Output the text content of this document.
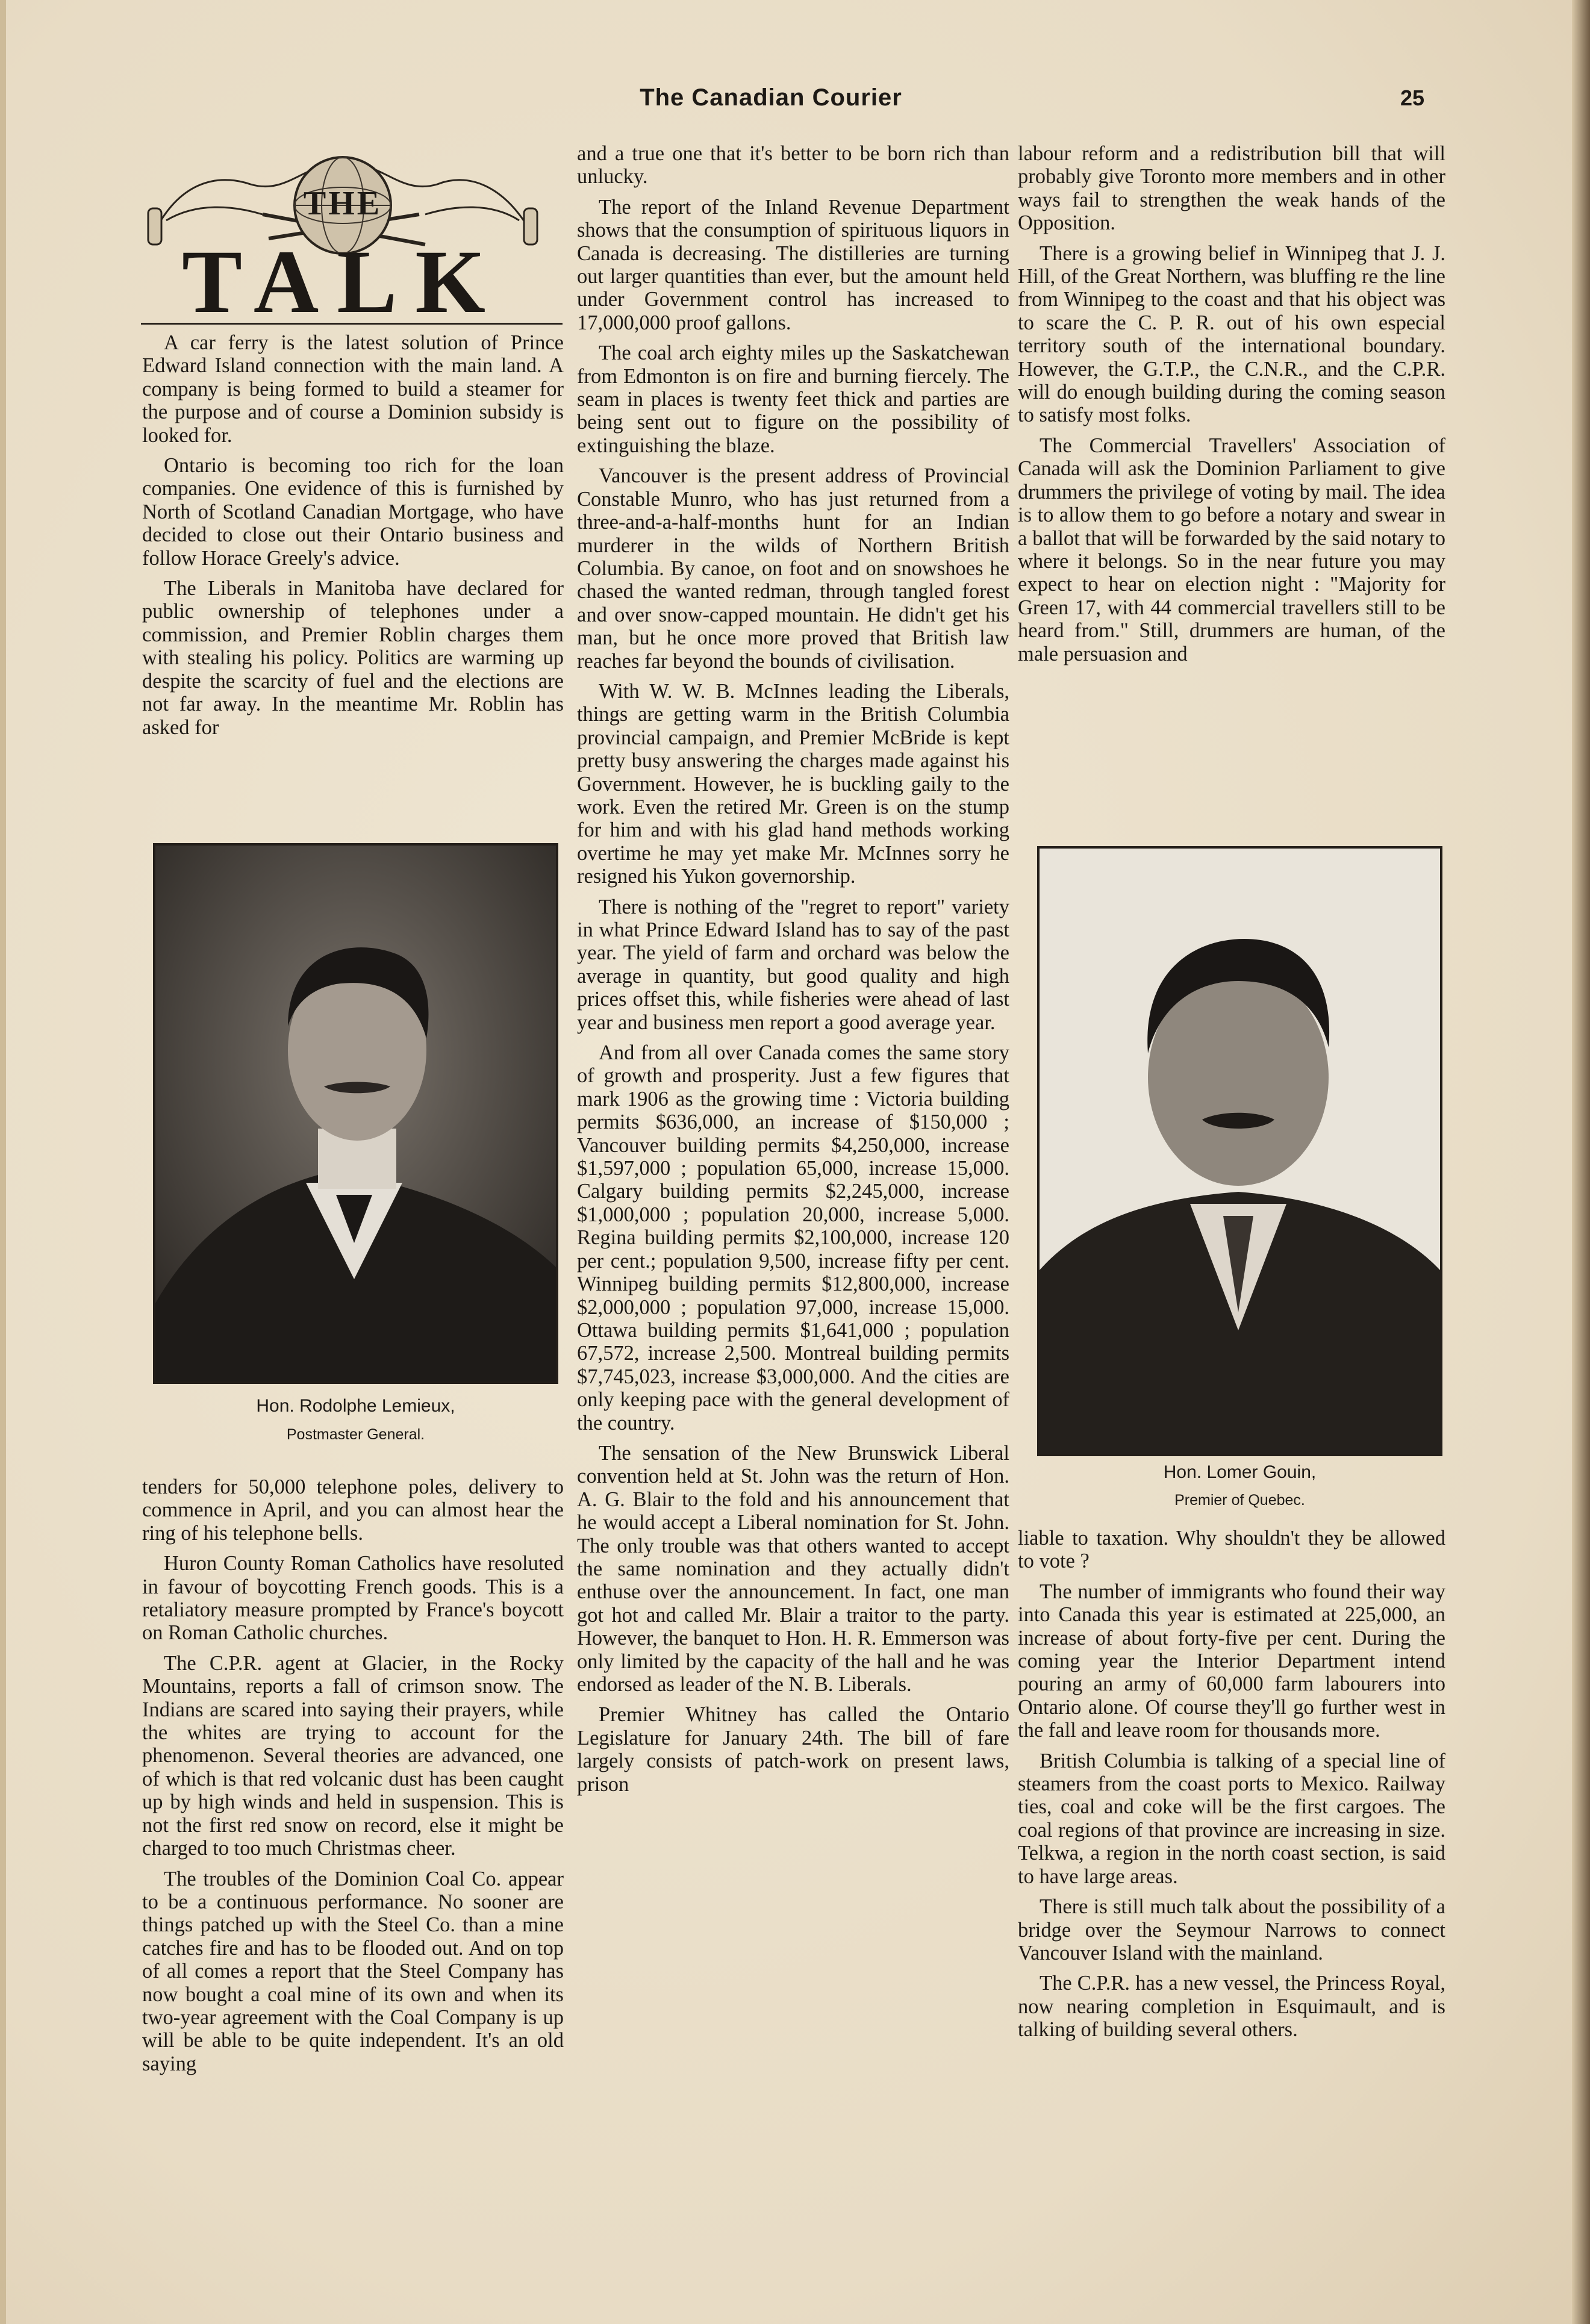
The Canadian Courier	25
THE
TALK

A car ferry is the latest solution of Prince Edward Island connection with the main land. A company is being formed to build a steamer for the purpose and of course a Dominion subsidy is looked for.

Ontario is becoming too rich for the loan companies. One evidence of this is furnished by North of Scotland Canadian Mortgage, who have decided to close out their Ontario business and follow Horace Greely's advice.

The Liberals in Manitoba have declared for public ownership of telephones under a commission, and Premier Roblin charges them with stealing his policy. Politics are warming up despite the scarcity of fuel and the elections are not far away. In the meantime Mr. Roblin has asked for

Hon. Rodolphe Lemieux,
Postmaster General.

tenders for 50,000 telephone poles, delivery to commence in April, and you can almost hear the ring of his telephone bells.

Huron County Roman Catholics have resoluted in favour of boycotting French goods. This is a retaliatory measure prompted by France's boycott on Roman Catholic churches.

The C.P.R. agent at Glacier, in the Rocky Mountains, reports a fall of crimson snow. The Indians are scared into saying their prayers, while the whites are trying to account for the phenomenon. Several theories are advanced, one of which is that red volcanic dust has been caught up by high winds and held in suspension. This is not the first red snow on record, else it might be charged to too much Christmas cheer.

The troubles of the Dominion Coal Co. appear to be a continuous performance. No sooner are things patched up with the Steel Co. than a mine catches fire and has to be flooded out. And on top of all comes a report that the Steel Company has now bought a coal mine of its own and when its two-year agreement with the Coal Company is up will be able to be quite independent. It's an old saying

and a true one that it's better to be born rich than unlucky.

The report of the Inland Revenue Department shows that the consumption of spirituous liquors in Canada is decreasing. The distilleries are turning out larger quantities than ever, but the amount held under Government control has increased to 17,000,000 proof gallons.

The coal arch eighty miles up the Saskatchewan from Edmonton is on fire and burning fiercely. The seam in places is twenty feet thick and parties are being sent out to figure on the possibility of extinguishing the blaze.

Vancouver is the present address of Provincial Constable Munro, who has just returned from a three-and-a-half-months hunt for an Indian murderer in the wilds of Northern British Columbia. By canoe, on foot and on snowshoes he chased the wanted redman, through tangled forest and over snow-capped mountain. He didn't get his man, but he once more proved that British law reaches far beyond the bounds of civilisation.

With W. W. B. McInnes leading the Liberals, things are getting warm in the British Columbia provincial campaign, and Premier McBride is kept pretty busy answering the charges made against his Government. However, he is buckling gaily to the work. Even the retired Mr. Green is on the stump for him and with his glad hand methods working overtime he may yet make Mr. McInnes sorry he resigned his Yukon governorship.

There is nothing of the "regret to report" variety in what Prince Edward Island has to say of the past year. The yield of farm and orchard was below the average in quantity, but good quality and high prices offset this, while fisheries were ahead of last year and business men report a good average year.

And from all over Canada comes the same story of growth and prosperity. Just a few figures that mark 1906 as the growing time : Victoria building permits $636,000, an increase of $150,000 ; Vancouver building permits $4,250,000, increase $1,597,000 ; population 65,000, increase 15,000. Calgary building permits $2,245,000, increase $1,000,000 ; population 20,000, increase 5,000. Regina building permits $2,100,000, increase 120 per cent.; population 9,500, increase fifty per cent. Winnipeg building permits $12,800,000, increase $2,000,000 ; population 97,000, increase 15,000. Ottawa building permits $1,641,000 ; population 67,572, increase 2,500. Montreal building permits $7,745,023, increase $3,000,000. And the cities are only keeping pace with the general development of the country.

The sensation of the New Brunswick Liberal convention held at St. John was the return of Hon. A. G. Blair to the fold and his announcement that he would accept a Liberal nomination for St. John. The only trouble was that others wanted to accept the same nomination and they actually didn't enthuse over the announcement. In fact, one man got hot and called Mr. Blair a traitor to the party. However, the banquet to Hon. H. R. Emmerson was only limited by the capacity of the hall and he was endorsed as leader of the N. B. Liberals.

Premier Whitney has called the Ontario Legislature for January 24th. The bill of fare largely consists of patch-work on present laws, prison

labour reform and a redistribution bill that will probably give Toronto more members and in other ways fail to strengthen the weak hands of the Opposition.

There is a growing belief in Winnipeg that J. J. Hill, of the Great Northern, was bluffing re the line from Winnipeg to the coast and that his object was to scare the C. P. R. out of his own especial territory south of the international boundary. However, the G.T.P., the C.N.R., and the C.P.R. will do enough building during the coming season to satisfy most folks.

The Commercial Travellers' Association of Canada will ask the Dominion Parliament to give drummers the privilege of voting by mail. The idea is to allow them to go before a notary and swear in a ballot that will be forwarded by the said notary to where it belongs. So in the near future you may expect to hear on election night : "Majority for Green 17, with 44 commercial travellers still to be heard from." Still, drummers are human, of the male persuasion and

Hon. Lomer Gouin,
Premier of Quebec.

liable to taxation. Why shouldn't they be allowed to vote ?

The number of immigrants who found their way into Canada this year is estimated at 225,000, an increase of about forty-five per cent. During the coming year the Interior Department intend pouring an army of 60,000 farm labourers into Ontario alone. Of course they'll go further west in the fall and leave room for thousands more.

British Columbia is talking of a special line of steamers from the coast ports to Mexico. Railway ties, coal and coke will be the first cargoes. The coal regions of that province are increasing in size. Telkwa, a region in the north coast section, is said to have large areas.

There is still much talk about the possibility of a bridge over the Seymour Narrows to connect Vancouver Island with the mainland.

The C.P.R. has a new vessel, the Princess Royal, now nearing completion in Esquimault, and is talking of building several others.
